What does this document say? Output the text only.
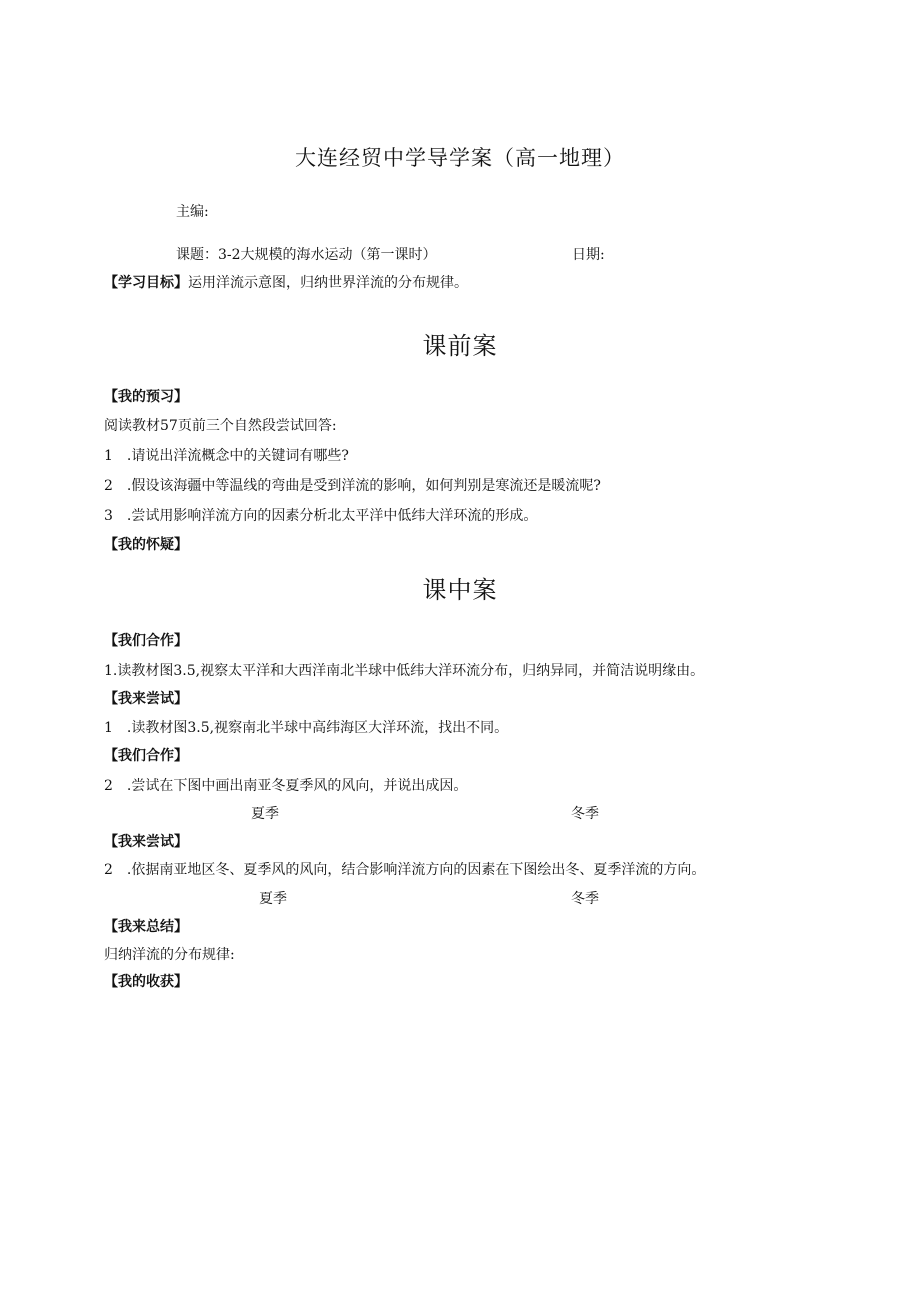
大连经贸中学导学案（高一地理）
主编:
课题：3-2大规模的海水运动（第一课时）	日期:
【学习目标】运用洋流示意图，归纳世界洋流的分布规律。
课前案
【我的预习】
阅读教材57页前三个自然段尝试回答:
1　.请说出洋流概念中的关键词有哪些?
2　.假设该海疆中等温线的弯曲是受到洋流的影响，如何判别是寒流还是暖流呢?
3　.尝试用影响洋流方向的因素分析北太平洋中低纬大洋环流的形成。
【我的怀疑】
课中案
【我们合作】
1.读教材图3.5,视察太平洋和大西洋南北半球中低纬大洋环流分布，归纳异同，并简洁说明缘由。
【我来尝试】
1　.读教材图3.5,视察南北半球中高纬海区大洋环流，找出不同。
【我们合作】
2　.尝试在下图中画出南亚冬夏季风的风向，并说出成因。
夏季	冬季
【我来尝试】
2　.依据南亚地区冬、夏季风的风向，结合影响洋流方向的因素在下图绘出冬、夏季洋流的方向。
夏季	冬季
【我来总结】
归纳洋流的分布规律:
【我的收获】
